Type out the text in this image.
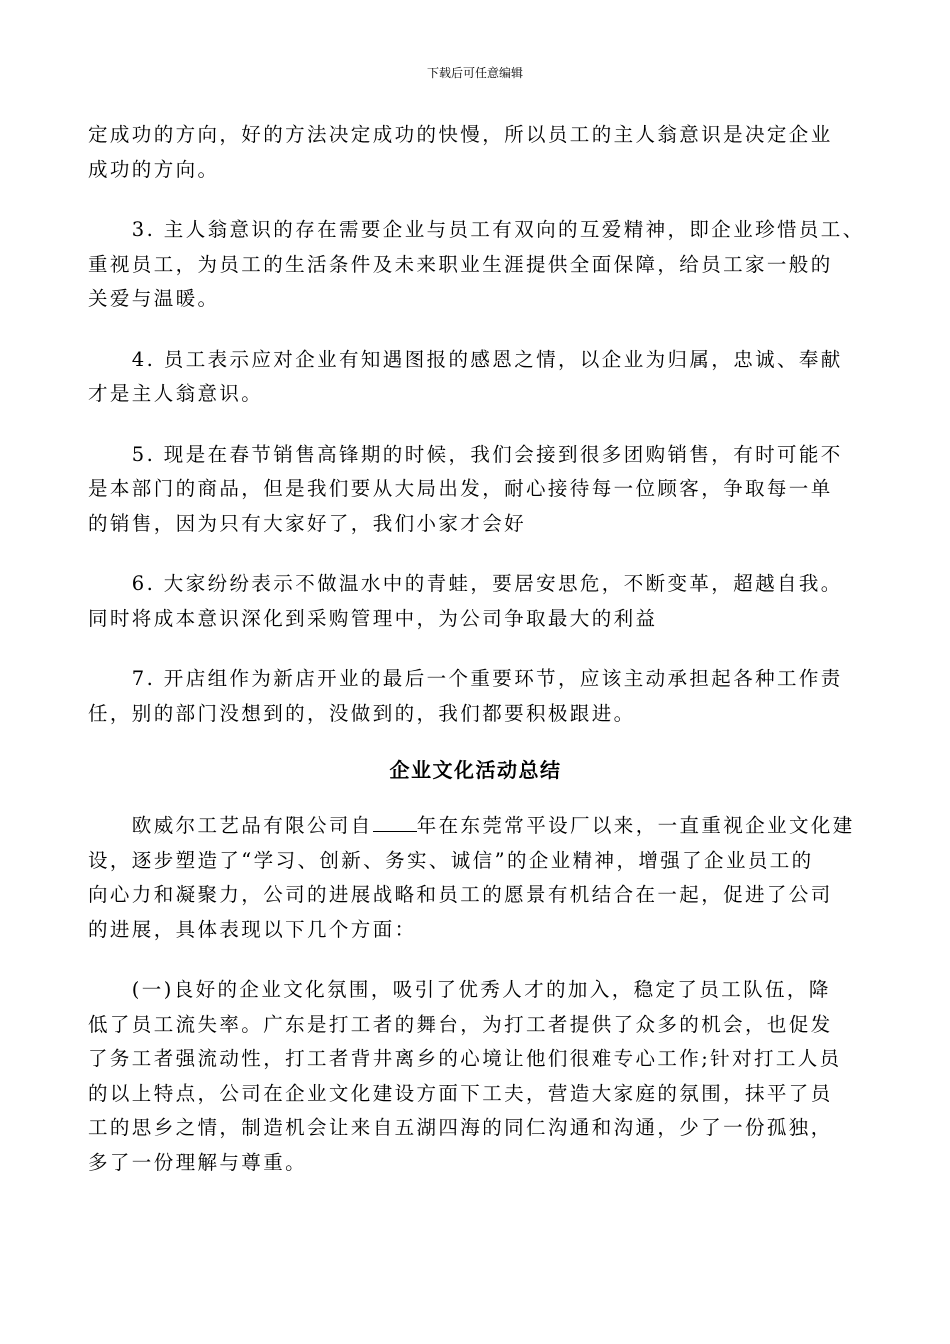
下载后可任意编辑

定成功的方向，好的方法决定成功的快慢，所以员工的主人翁意识是决定企业
成功的方向。

　　3. 主人翁意识的存在需要企业与员工有双向的互爱精神，即企业珍惜员工、
重视员工，为员工的生活条件及未来职业生涯提供全面保障，给员工家一般的
关爱与温暖。

　　4. 员工表示应对企业有知遇图报的感恩之情，以企业为归属，忠诚、奉献
才是主人翁意识。

　　5. 现是在春节销售高锋期的时候，我们会接到很多团购销售，有时可能不
是本部门的商品，但是我们要从大局出发，耐心接待每一位顾客，争取每一单
的销售，因为只有大家好了，我们小家才会好

　　6. 大家纷纷表示不做温水中的青蛙，要居安思危，不断变革，超越自我。
同时将成本意识深化到采购管理中，为公司争取最大的利益

　　7. 开店组作为新店开业的最后一个重要环节，应该主动承担起各种工作责
任，别的部门没想到的，没做到的，我们都要积极跟进。

企业文化活动总结

　　欧威尔工艺品有限公司自 年在东莞常平设厂以来，一直重视企业文化建
设，逐步塑造了“学习、创新、务实、诚信”的企业精神，增强了企业员工的
向心力和凝聚力，公司的进展战略和员工的愿景有机结合在一起，促进了公司
的进展，具体表现以下几个方面：

　　(一)良好的企业文化氛围，吸引了优秀人才的加入，稳定了员工队伍，降
低了员工流失率。广东是打工者的舞台，为打工者提供了众多的机会，也促发
了务工者强流动性，打工者背井离乡的心境让他们很难专心工作;针对打工人员
的以上特点，公司在企业文化建设方面下工夫，营造大家庭的氛围，抹平了员
工的思乡之情，制造机会让来自五湖四海的同仁沟通和沟通，少了一份孤独，
多了一份理解与尊重。
